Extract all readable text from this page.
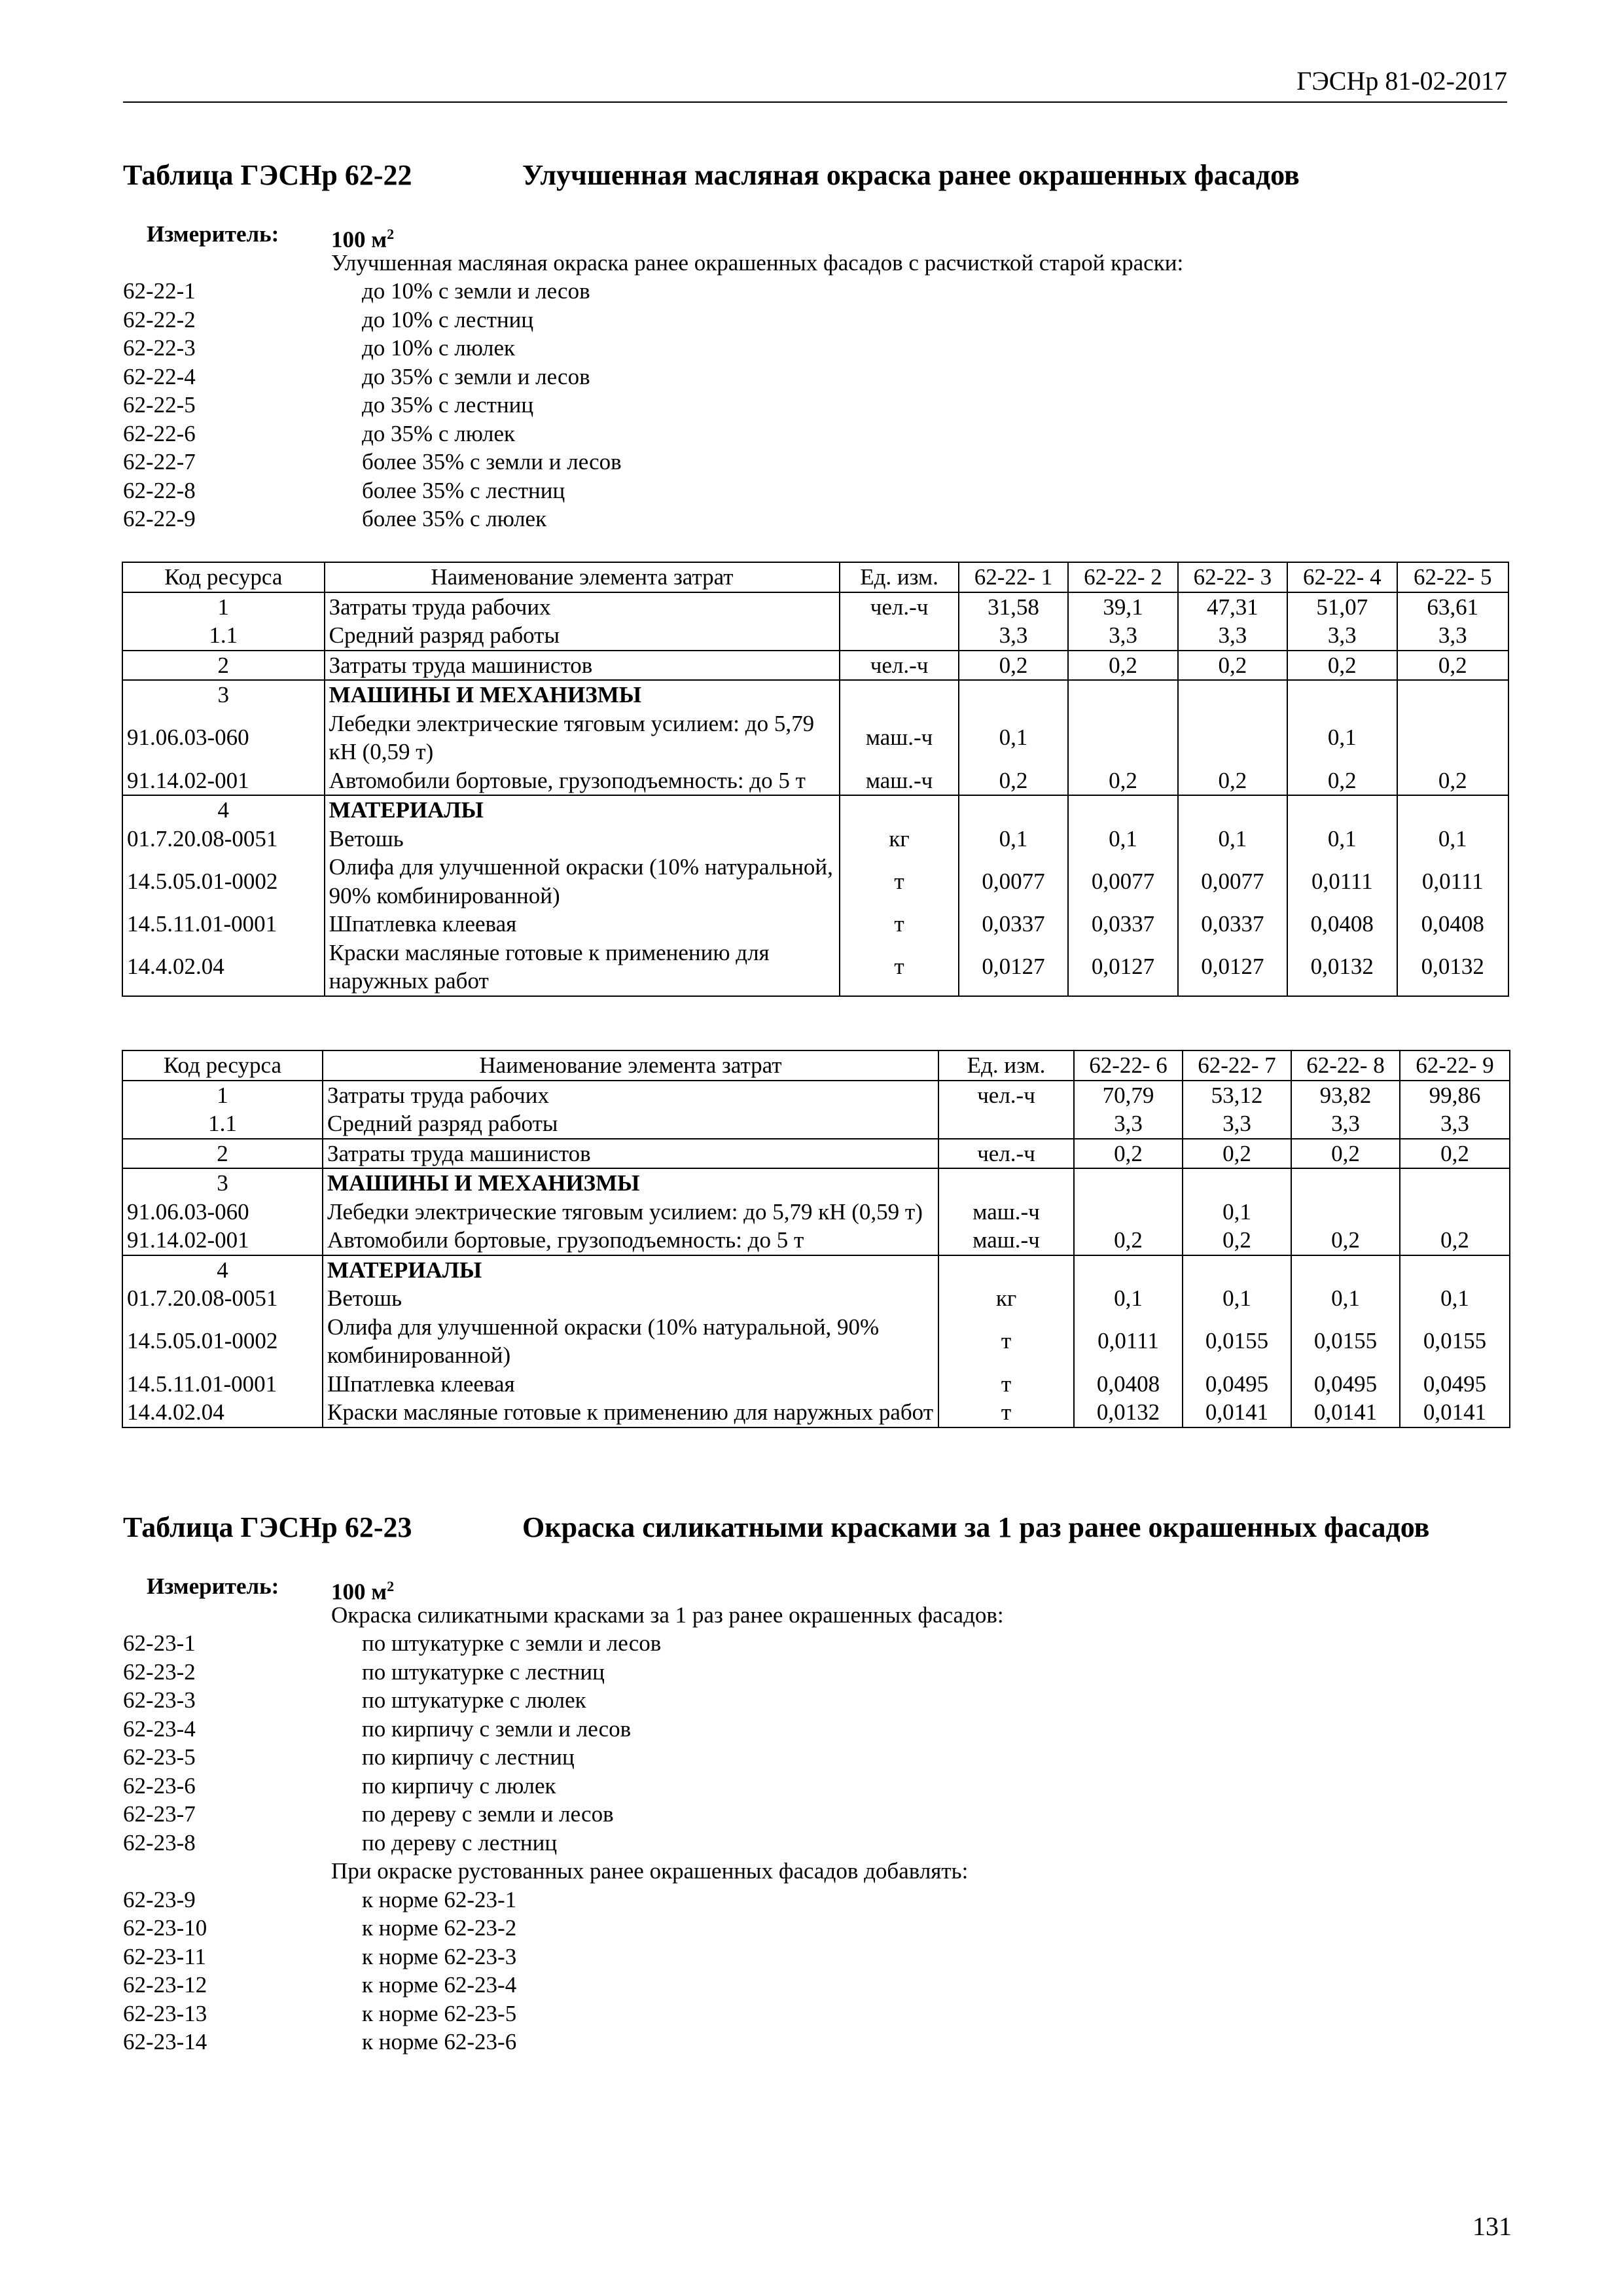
ГЭСНр 81-02-2017
Таблица ГЭСНр 62-22	Улучшенная масляная окраска ранее окрашенных фасадов
Измеритель: 100 $м^2$
Улучшенная масляная окраска ранее окрашенных фасадов с расчисткой старой краски:
62-22-1	до 10% с земли и лесов
62-22-2	до 10% с лестниц
62-22-3	до 10% с люлек
62-22-4	до 35% с земли и лесов
62-22-5	до 35% с лестниц
62-22-6	до 35% с люлек
62-22-7	более 35% с земли и лесов
62-22-8	более 35% с лестниц
62-22-9	более 35% с люлек
Код ресурса	Наименование элемента затрат	Ед. изм.	62-22- 1	62-22- 2	62-22- 3	62-22- 4	62-22- 5
1	Затраты труда рабочих	чел.-ч	31,58	39,1	47,31	51,07	63,61
1.1	Средний разряд работы		3,3	3,3	3,3	3,3	3,3
2	Затраты труда машинистов	чел.-ч	0,2	0,2	0,2	0,2	0,2
3	МАШИНЫ И МЕХАНИЗМЫ						
91.06.03-060	Лебедки электрические тяговым усилием: до 5,79 кН (0,59 т)	маш.-ч	0,1			0,1	
91.14.02-001	Автомобили бортовые, грузоподъемность: до 5 т	маш.-ч	0,2	0,2	0,2	0,2	0,2
4	МАТЕРИАЛЫ						
01.7.20.08-0051	Ветошь	кг	0,1	0,1	0,1	0,1	0,1
14.5.05.01-0002	Олифа для улучшенной окраски (10% натуральной, 90% комбинированной)	т	0,0077	0,0077	0,0077	0,0111	0,0111
14.5.11.01-0001	Шпатлевка клеевая	т	0,0337	0,0337	0,0337	0,0408	0,0408
14.4.02.04	Краски масляные готовые к применению для наружных работ	т	0,0127	0,0127	0,0127	0,0132	0,0132
Код ресурса	Наименование элемента затрат	Ед. изм.	62-22- 6	62-22- 7	62-22- 8	62-22- 9
1	Затраты труда рабочих	чел.-ч	70,79	53,12	93,82	99,86
1.1	Средний разряд работы		3,3	3,3	3,3	3,3
2	Затраты труда машинистов	чел.-ч	0,2	0,2	0,2	0,2
3	МАШИНЫ И МЕХАНИЗМЫ					
91.06.03-060	Лебедки электрические тяговым усилием: до 5,79 кН (0,59 т)	маш.-ч		0,1		
91.14.02-001	Автомобили бортовые, грузоподъемность: до 5 т	маш.-ч	0,2	0,2	0,2	0,2
4	МАТЕРИАЛЫ					
01.7.20.08-0051	Ветошь	кг	0,1	0,1	0,1	0,1
14.5.05.01-0002	Олифа для улучшенной окраски (10% натуральной, 90% комбинированной)	т	0,0111	0,0155	0,0155	0,0155
14.5.11.01-0001	Шпатлевка клеевая	т	0,0408	0,0495	0,0495	0,0495
14.4.02.04	Краски масляные готовые к применению для наружных работ	т	0,0132	0,0141	0,0141	0,0141
Таблица ГЭСНр 62-23	Окраска силикатными красками за 1 раз ранее окрашенных фасадов
Измеритель: 100 $м^2$
Окраска силикатными красками за 1 раз ранее окрашенных фасадов:
62-23-1	по штукатурке с земли и лесов
62-23-2	по штукатурке с лестниц
62-23-3	по штукатурке с люлек
62-23-4	по кирпичу с земли и лесов
62-23-5	по кирпичу с лестниц
62-23-6	по кирпичу с люлек
62-23-7	по дереву с земли и лесов
62-23-8	по дереву с лестниц
При окраске рустованных ранее окрашенных фасадов добавлять:
62-23-9	к норме 62-23-1
62-23-10	к норме 62-23-2
62-23-11	к норме 62-23-3
62-23-12	к норме 62-23-4
62-23-13	к норме 62-23-5
62-23-14	к норме 62-23-6
131
